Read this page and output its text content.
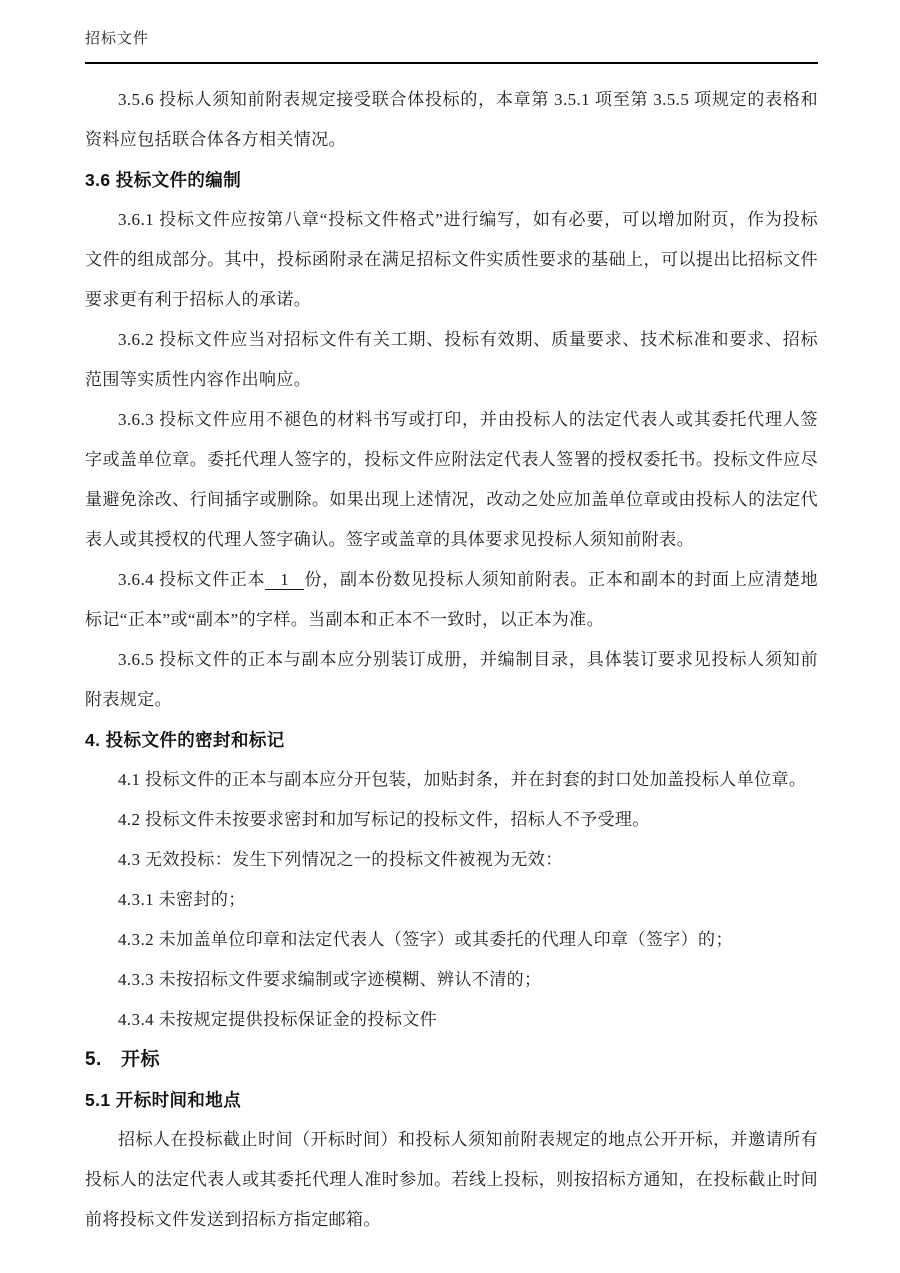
招标文件

3.5.6 投标人须知前附表规定接受联合体投标的，本章第 3.5.1 项至第 3.5.5 项规定的表格和资料应包括联合体各方相关情况。

3.6 投标文件的编制

3.6.1 投标文件应按第八章“投标文件格式”进行编写，如有必要，可以增加附页，作为投标文件的组成部分。其中，投标函附录在满足招标文件实质性要求的基础上，可以提出比招标文件要求更有利于招标人的承诺。

3.6.2 投标文件应当对招标文件有关工期、投标有效期、质量要求、技术标准和要求、招标范围等实质性内容作出响应。

3.6.3 投标文件应用不褪色的材料书写或打印，并由投标人的法定代表人或其委托代理人签字或盖单位章。委托代理人签字的，投标文件应附法定代表人签署的授权委托书。投标文件应尽量避免涂改、行间插字或删除。如果出现上述情况，改动之处应加盖单位章或由投标人的法定代表人或其授权的代理人签字确认。签字或盖章的具体要求见投标人须知前附表。

3.6.4 投标文件正本 1 份，副本份数见投标人须知前附表。正本和副本的封面上应清楚地标记“正本”或“副本”的字样。当副本和正本不一致时，以正本为准。

3.6.5 投标文件的正本与副本应分别装订成册，并编制目录，具体装订要求见投标人须知前附表规定。

4. 投标文件的密封和标记

4.1 投标文件的正本与副本应分开包装，加贴封条，并在封套的封口处加盖投标人单位章。

4.2 投标文件未按要求密封和加写标记的投标文件，招标人不予受理。

4.3 无效投标：发生下列情况之一的投标文件被视为无效：

4.3.1 未密封的；

4.3.2 未加盖单位印章和法定代表人（签字）或其委托的代理人印章（签字）的；

4.3.3 未按招标文件要求编制或字迹模糊、辨认不清的；

4.3.4 未按规定提供投标保证金的投标文件

5.　开标
5.1 开标时间和地点

招标人在投标截止时间（开标时间）和投标人须知前附表规定的地点公开开标，并邀请所有投标人的法定代表人或其委托代理人准时参加。若线上投标，则按招标方通知，在投标截止时间前将投标文件发送到招标方指定邮箱。
